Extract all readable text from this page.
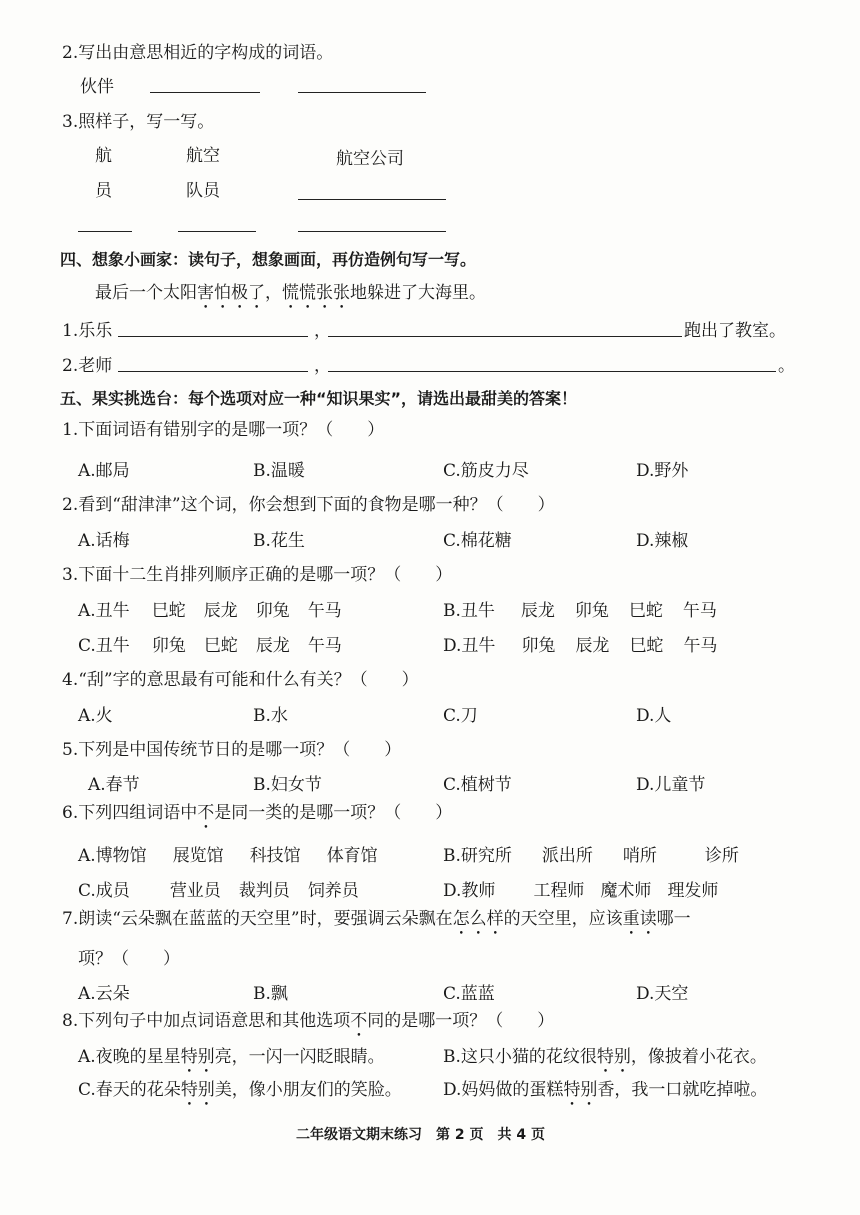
2.写出由意思相近的字构成的词语。
伙伴
3.照样子，写一写。
航	航空	航空公司
员	队员
四、想象小画家：读句子，想象画面，再仿造例句写一写。
最后一个太阳害怕极了，慌慌张张地躲进了大海里。
1.乐乐	，	跑出了教室。
2.老师	，	。
五、果实挑选台：每个选项对应一种“知识果实”，请选出最甜美的答案！
1.下面词语有错别字的是哪一项？（　　）
A.邮局	B.温暖	C.筋皮力尽	D.野外
2.看到“甜津津”这个词，你会想到下面的食物是哪一种？（　　）
A.话梅	B.花生	C.棉花糖	D.辣椒
3.下面十二生肖排列顺序正确的是哪一项？（　　）
A.丑牛 巳蛇 辰龙 卯兔 午马	B.丑牛 辰龙 卯兔 巳蛇 午马
C.丑牛 卯兔 巳蛇 辰龙 午马	D.丑牛 卯兔 辰龙 巳蛇 午马
4.“刮”字的意思最有可能和什么有关？（　　）
A.火	B.水	C.刀	D.人
5.下列是中国传统节日的是哪一项？（　　）
A.春节	B.妇女节	C.植树节	D.儿童节
6.下列四组词语中不是同一类的是哪一项？（　　）
A.博物馆 展览馆 科技馆 体育馆	B.研究所 派出所 哨所	诊所
C.成员 营业员 裁判员 饲养员	D.教师 工程师 魔术师 理发师
7.朗读“云朵飘在蓝蓝的天空里”时，要强调云朵飘在怎么样的天空里，应该重读哪一
项？（　　）
A.云朵	B.飘	C.蓝蓝	D.天空
8.下列句子中加点词语意思和其他选项不同的是哪一项？（　　）
A.夜晚的星星特别亮，一闪一闪眨眼睛。	B.这只小猫的花纹很特别，像披着小花衣。
C.春天的花朵特别美，像小朋友们的笑脸。 D.妈妈做的蛋糕特别香，我一口就吃掉啦。
二年级语文期末练习　第 2 页　共 4 页
